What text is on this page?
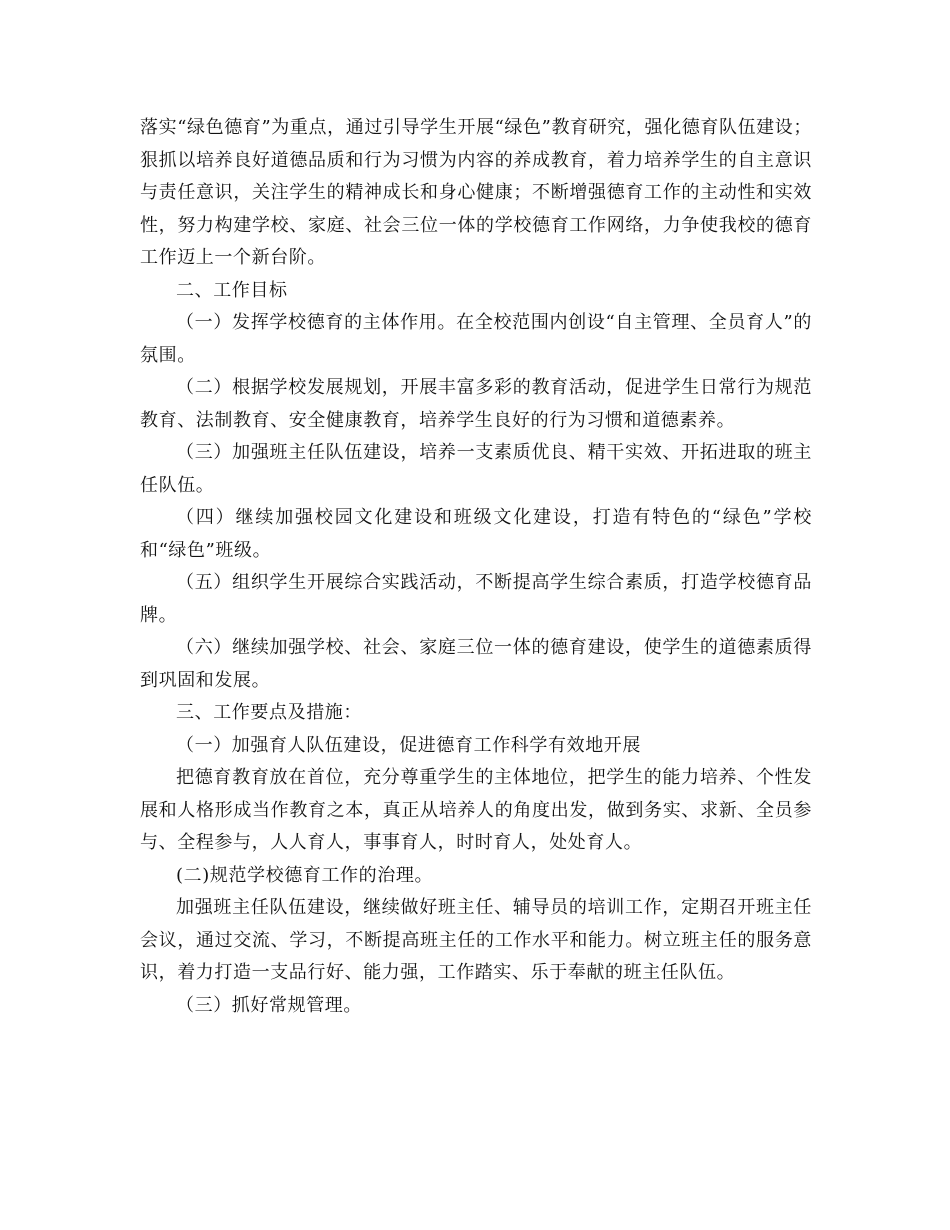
落实“绿色德育”为重点，通过引导学生开展“绿色”教育研究，强化德育队伍建设；狠抓以培养良好道德品质和行为习惯为内容的养成教育，着力培养学生的自主意识与责任意识，关注学生的精神成长和身心健康；不断增强德育工作的主动性和实效性，努力构建学校、家庭、社会三位一体的学校德育工作网络，力争使我校的德育工作迈上一个新台阶。

二、工作目标

（一）发挥学校德育的主体作用。在全校范围内创设“自主管理、全员育人”的氛围。

（二）根据学校发展规划，开展丰富多彩的教育活动，促进学生日常行为规范教育、法制教育、安全健康教育，培养学生良好的行为习惯和道德素养。

（三）加强班主任队伍建设，培养一支素质优良、精干实效、开拓进取的班主任队伍。

（四）继续加强校园文化建设和班级文化建设，打造有特色的“绿色”学校和“绿色”班级。

（五）组织学生开展综合实践活动，不断提高学生综合素质，打造学校德育品牌。

（六）继续加强学校、社会、家庭三位一体的德育建设，使学生的道德素质得到巩固和发展。

三、工作要点及措施：

（一）加强育人队伍建设，促进德育工作科学有效地开展

把德育教育放在首位，充分尊重学生的主体地位，把学生的能力培养、个性发展和人格形成当作教育之本，真正从培养人的角度出发，做到务实、求新、全员参与、全程参与，人人育人，事事育人，时时育人，处处育人。

(二)规范学校德育工作的治理。

加强班主任队伍建设，继续做好班主任、辅导员的培训工作，定期召开班主任会议，通过交流、学习，不断提高班主任的工作水平和能力。树立班主任的服务意识，着力打造一支品行好、能力强，工作踏实、乐于奉献的班主任队伍。

（三）抓好常规管理。
